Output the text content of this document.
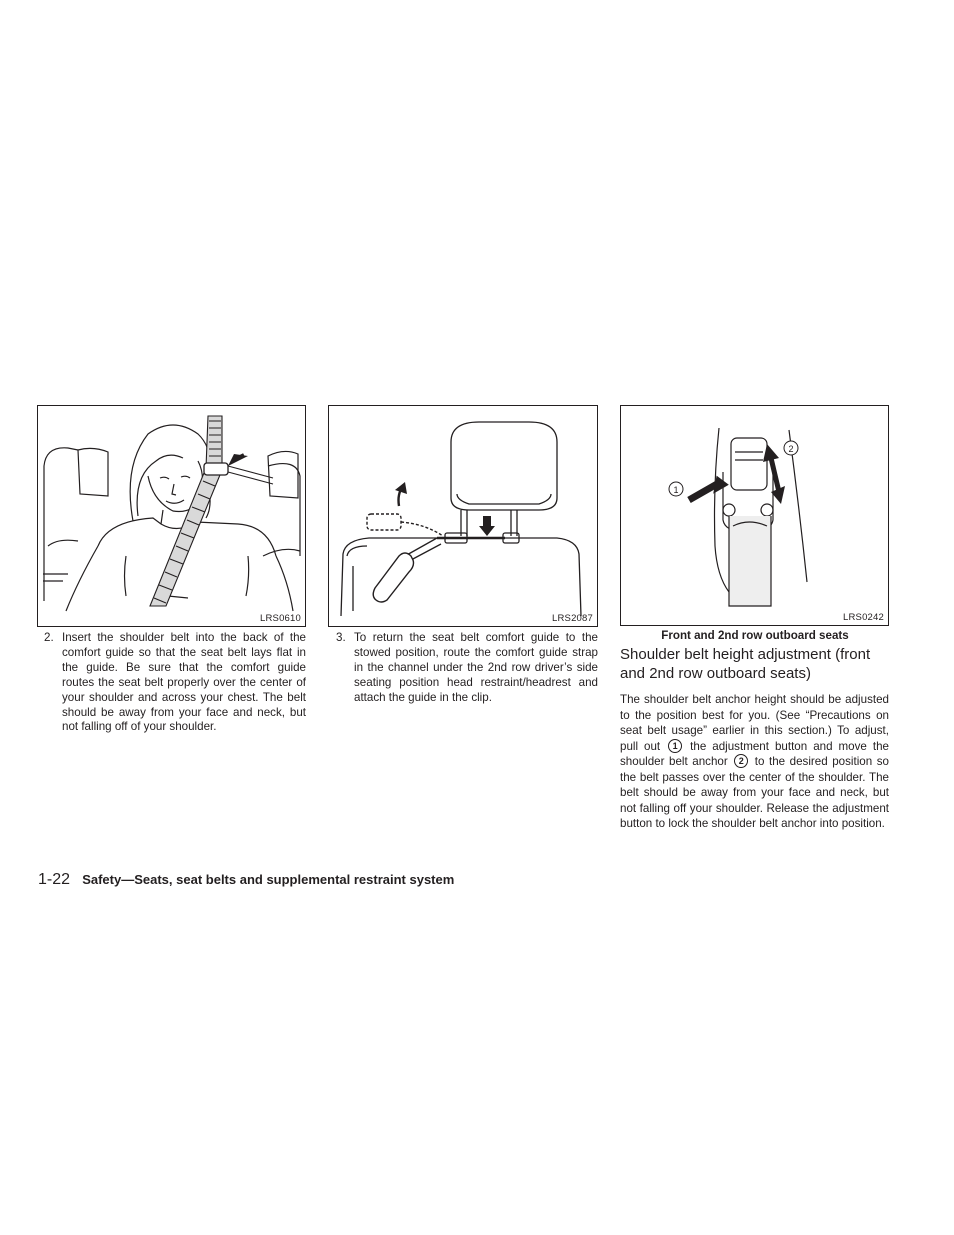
LRS0610	LRS2087
1
2
LRS0242
2. Insert the shoulder belt into the back of the comfort guide so that the seat belt lays flat in the guide. Be sure that the comfort guide routes the seat belt properly over the center of your shoulder and across your chest. The belt should be away from your face and neck, but not falling off of your shoulder.

3. To return the seat belt comfort guide to the stowed position, route the comfort guide strap in the channel under the 2nd row driver’s side seating position head restraint/headrest and attach the guide in the clip.

Front and 2nd row outboard seats
Shoulder belt height adjustment (front and 2nd row outboard seats)

The shoulder belt anchor height should be adjusted to the position best for you. (See “Precautions on seat belt usage” earlier in this section.) To adjust, pull out 1 the adjustment button and move the shoulder belt anchor 2 to the desired position so the belt passes over the center of the shoulder. The belt should be away from your face and neck, but not falling off your shoulder. Release the adjustment button to lock the shoulder belt anchor into position.

1-22 Safety—Seats, seat belts and supplemental restraint system
